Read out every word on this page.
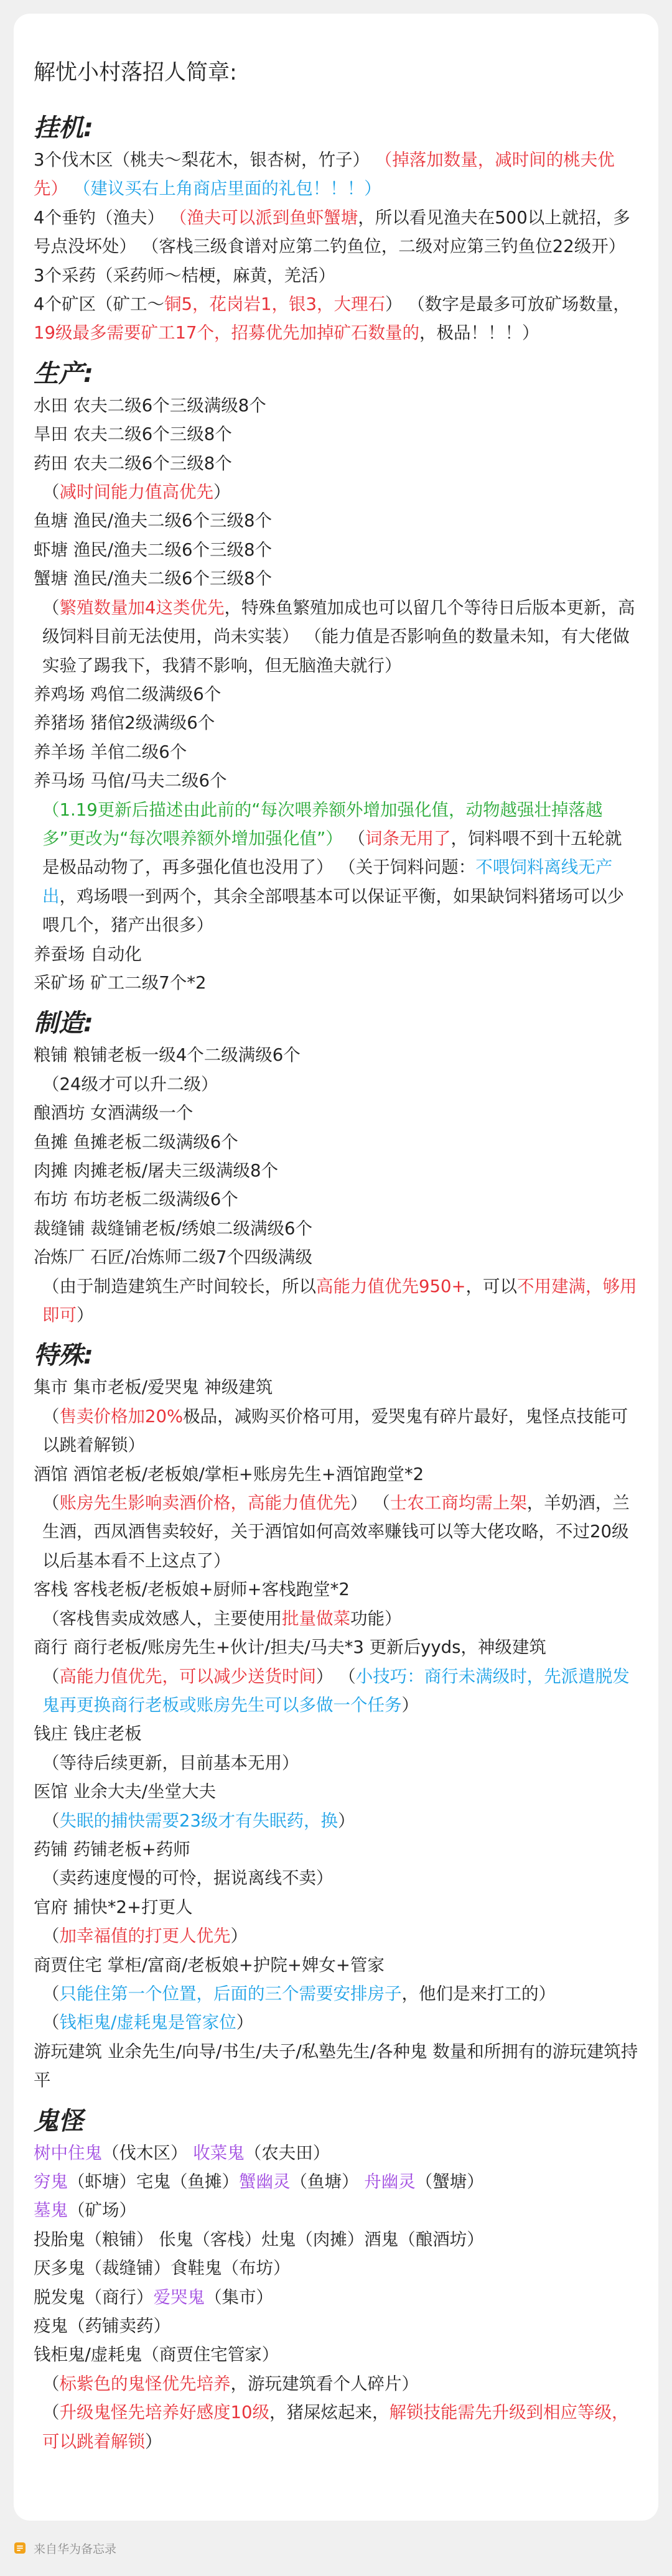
解忧小村落招人简章:
挂机:

3个伐木区（桃夫～梨花木，银杏树，竹子） （掉落加数量，减时间的桃夫优先） （建议买右上角商店里面的礼包！！！）

4个垂钓（渔夫） （渔夫可以派到鱼虾蟹塘，所以看见渔夫在500以上就招，多号点没坏处） （客栈三级食谱对应第二钓鱼位，二级对应第三钓鱼位22级开）

3个采药（采药师～桔梗，麻黄，羌活）

4个矿区（矿工～铜5，花岗岩1，银3，大理石） （数字是最多可放矿场数量，19级最多需要矿工17个，招募优先加掉矿石数量的，极品！！！）

生产:

水田 农夫二级6个三级满级8个

旱田 农夫二级6个三级8个

药田 农夫二级6个三级8个

（减时间能力值高优先）

鱼塘 渔民/渔夫二级6个三级8个

虾塘 渔民/渔夫二级6个三级8个

蟹塘 渔民/渔夫二级6个三级8个

（繁殖数量加4这类优先，特殊鱼繁殖加成也可以留几个等待日后版本更新，高级饲料目前无法使用，尚未实装） （能力值是否影响鱼的数量未知，有大佬做实验了踢我下，我猜不影响，但无脑渔夫就行）

养鸡场 鸡倌二级满级6个

养猪场 猪倌2级满级6个

养羊场 羊倌二级6个

养马场 马倌/马夫二级6个

（1.19更新后描述由此前的“每次喂养额外增加强化值，动物越强壮掉落越多”更改为“每次喂养额外增加强化值”） （词条无用了，饲料喂不到十五轮就是极品动物了，再多强化值也没用了） （关于饲料问题：不喂饲料离线无产出，鸡场喂一到两个，其余全部喂基本可以保证平衡，如果缺饲料猪场可以少喂几个，猪产出很多）

养蚕场 自动化

采矿场 矿工二级7个*2

制造:

粮铺 粮铺老板一级4个二级满级6个

（24级才可以升二级）

酿酒坊 女酒满级一个

鱼摊 鱼摊老板二级满级6个

肉摊 肉摊老板/屠夫三级满级8个

布坊 布坊老板二级满级6个

裁缝铺 裁缝铺老板/绣娘二级满级6个

冶炼厂 石匠/冶炼师二级7个四级满级

（由于制造建筑生产时间较长，所以高能力值优先950+，可以不用建满，够用即可）

特殊:

集市 集市老板/爱哭鬼 神级建筑

（售卖价格加20%极品，减购买价格可用，爱哭鬼有碎片最好，鬼怪点技能可以跳着解锁）

酒馆 酒馆老板/老板娘/掌柜+账房先生+酒馆跑堂*2

（账房先生影响卖酒价格，高能力值优先） （士农工商均需上架，羊奶酒，兰生酒，西凤酒售卖较好，关于酒馆如何高效率赚钱可以等大佬攻略，不过20级以后基本看不上这点了）

客栈 客栈老板/老板娘+厨师+客栈跑堂*2

（客栈售卖成效感人，主要使用批量做菜功能）

商行 商行老板/账房先生+伙计/担夫/马夫*3 更新后yyds，神级建筑

（高能力值优先，可以减少送货时间） （小技巧：商行未满级时，先派遣脱发鬼再更换商行老板或账房先生可以多做一个任务）

钱庄 钱庄老板

（等待后续更新，目前基本无用）

医馆 业余大夫/坐堂大夫

（失眠的捕快需要23级才有失眠药，换）

药铺 药铺老板+药师

（卖药速度慢的可怜，据说离线不卖）

官府 捕快*2+打更人

（加幸福值的打更人优先）

商贾住宅 掌柜/富商/老板娘+护院+婢女+管家

（只能住第一个位置，后面的三个需要安排房子，他们是来打工的）

（钱柜鬼/虚耗鬼是管家位）

游玩建筑 业余先生/向导/书生/夫子/私塾先生/各种鬼 数量和所拥有的游玩建筑持平

鬼怪

树中住鬼（伐木区） 收菜鬼（农夫田）

穷鬼（虾塘）宅鬼（鱼摊）蟹幽灵（鱼塘） 舟幽灵（蟹塘）

墓鬼（矿场）

投胎鬼（粮铺） 伥鬼（客栈）灶鬼（肉摊）酒鬼（酿酒坊）

厌多鬼（裁缝铺）食鞋鬼（布坊）

脱发鬼（商行）爱哭鬼（集市）

疫鬼（药铺卖药）

钱柜鬼/虚耗鬼（商贾住宅管家）

（标紫色的鬼怪优先培养，游玩建筑看个人碎片）

（升级鬼怪先培养好感度10级，猪屎炫起来，解锁技能需先升级到相应等级，可以跳着解锁）

来自华为备忘录
